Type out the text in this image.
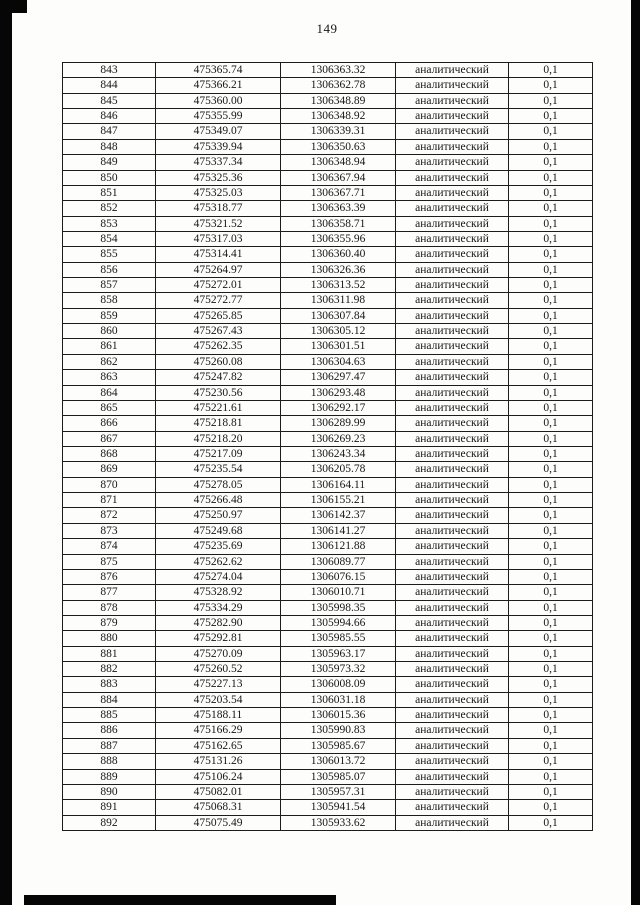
149
843	475365.74	1306363.32	аналитический	0,1
844	475366.21	1306362.78	аналитический	0,1
845	475360.00	1306348.89	аналитический	0,1
846	475355.99	1306348.92	аналитический	0,1
847	475349.07	1306339.31	аналитический	0,1
848	475339.94	1306350.63	аналитический	0,1
849	475337.34	1306348.94	аналитический	0,1
850	475325.36	1306367.94	аналитический	0,1
851	475325.03	1306367.71	аналитический	0,1
852	475318.77	1306363.39	аналитический	0,1
853	475321.52	1306358.71	аналитический	0,1
854	475317.03	1306355.96	аналитический	0,1
855	475314.41	1306360.40	аналитический	0,1
856	475264.97	1306326.36	аналитический	0,1
857	475272.01	1306313.52	аналитический	0,1
858	475272.77	1306311.98	аналитический	0,1
859	475265.85	1306307.84	аналитический	0,1
860	475267.43	1306305.12	аналитический	0,1
861	475262.35	1306301.51	аналитический	0,1
862	475260.08	1306304.63	аналитический	0,1
863	475247.82	1306297.47	аналитический	0,1
864	475230.56	1306293.48	аналитический	0,1
865	475221.61	1306292.17	аналитический	0,1
866	475218.81	1306289.99	аналитический	0,1
867	475218.20	1306269.23	аналитический	0,1
868	475217.09	1306243.34	аналитический	0,1
869	475235.54	1306205.78	аналитический	0,1
870	475278.05	1306164.11	аналитический	0,1
871	475266.48	1306155.21	аналитический	0,1
872	475250.97	1306142.37	аналитический	0,1
873	475249.68	1306141.27	аналитический	0,1
874	475235.69	1306121.88	аналитический	0,1
875	475262.62	1306089.77	аналитический	0,1
876	475274.04	1306076.15	аналитический	0,1
877	475328.92	1306010.71	аналитический	0,1
878	475334.29	1305998.35	аналитический	0,1
879	475282.90	1305994.66	аналитический	0,1
880	475292.81	1305985.55	аналитический	0,1
881	475270.09	1305963.17	аналитический	0,1
882	475260.52	1305973.32	аналитический	0,1
883	475227.13	1306008.09	аналитический	0,1
884	475203.54	1306031.18	аналитический	0,1
885	475188.11	1306015.36	аналитический	0,1
886	475166.29	1305990.83	аналитический	0,1
887	475162.65	1305985.67	аналитический	0,1
888	475131.26	1306013.72	аналитический	0,1
889	475106.24	1305985.07	аналитический	0,1
890	475082.01	1305957.31	аналитический	0,1
891	475068.31	1305941.54	аналитический	0,1
892	475075.49	1305933.62	аналитический	0,1
